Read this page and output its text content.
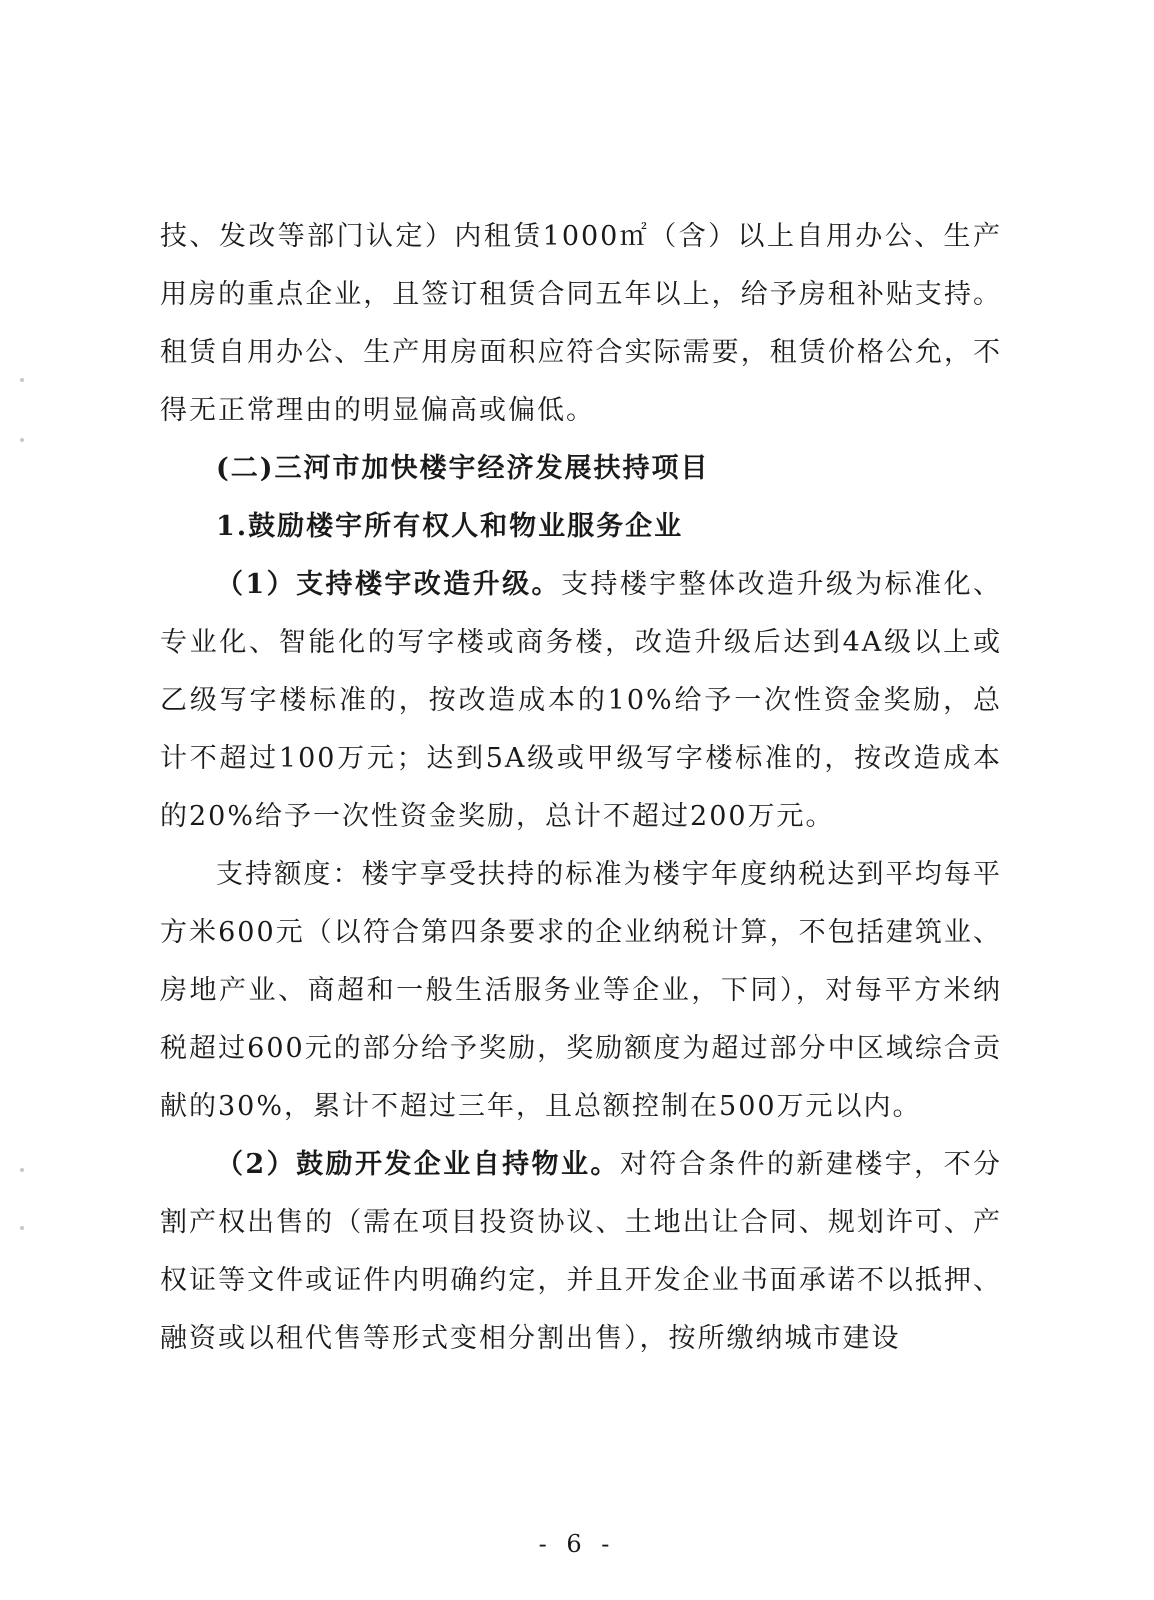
技、发改等部门认定）内租赁1000㎡（含）以上自用办公、生产用房的重点企业，且签订租赁合同五年以上，给予房租补贴支持。租赁自用办公、生产用房面积应符合实际需要，租赁价格公允，不得无正常理由的明显偏高或偏低。

(二)三河市加快楼宇经济发展扶持项目

1.鼓励楼宇所有权人和物业服务企业

（1）支持楼宇改造升级。支持楼宇整体改造升级为标准化、专业化、智能化的写字楼或商务楼，改造升级后达到4A级以上或乙级写字楼标准的，按改造成本的10%给予一次性资金奖励，总计不超过100万元；达到5A级或甲级写字楼标准的，按改造成本的20%给予一次性资金奖励，总计不超过200万元。

支持额度：楼宇享受扶持的标准为楼宇年度纳税达到平均每平方米600元（以符合第四条要求的企业纳税计算，不包括建筑业、房地产业、商超和一般生活服务业等企业，下同），对每平方米纳税超过600元的部分给予奖励，奖励额度为超过部分中区域综合贡献的30%，累计不超过三年，且总额控制在500万元以内。

（2）鼓励开发企业自持物业。对符合条件的新建楼宇，不分割产权出售的（需在项目投资协议、土地出让合同、规划许可、产权证等文件或证件内明确约定，并且开发企业书面承诺不以抵押、融资或以租代售等形式变相分割出售），按所缴纳城市建设

- 6 -
